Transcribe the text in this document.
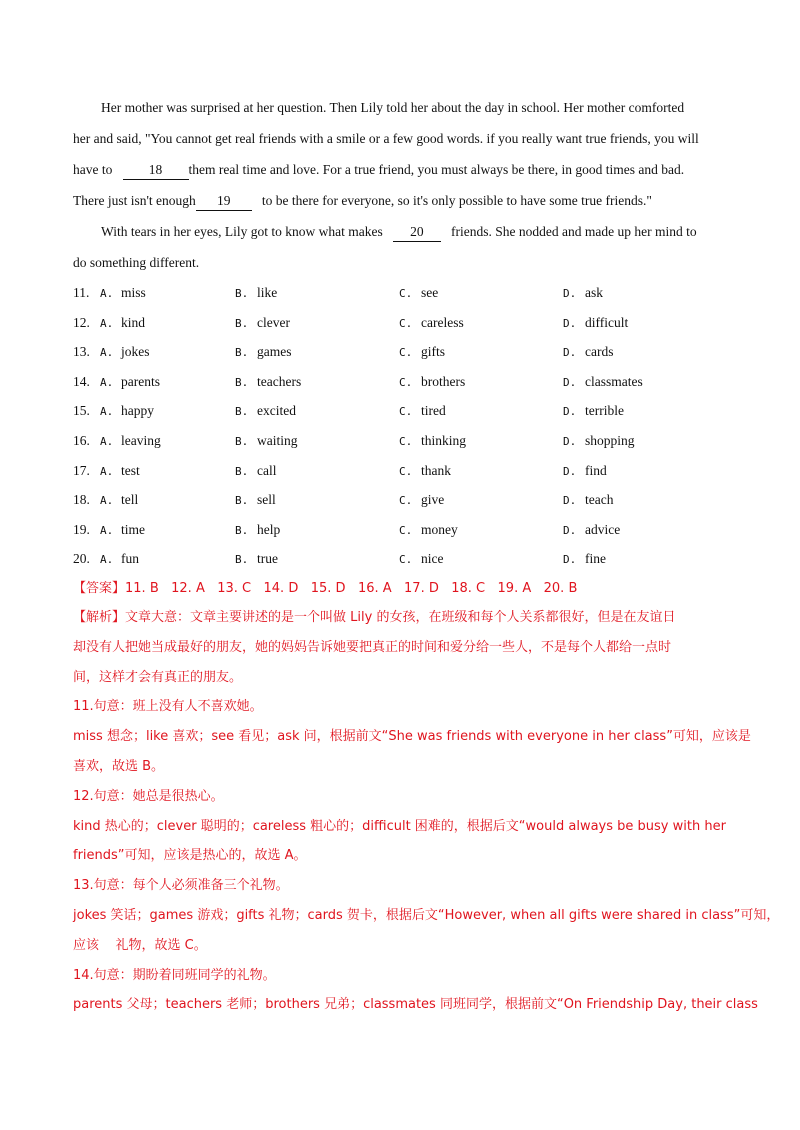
Her mother was surprised at her question. Then Lily told her about the day in school. Her mother comforted
her and said, "You cannot get real friends with a smile or a few good words. if you really want true friends, you will
have to	18 them real time and love. For a true friend, you must always be there, in good times and bad.
There just isn't enough 19 to be there for everyone, so it's only possible to have some true friends."
With tears in her eyes, Lily got to know what makes 20 friends. She nodded and made up her mind to
do something different.
11. A. miss	B. like	C. see	D. ask
12. A. kind	B. clever	C. careless	D. difficult
13. A. jokes	B. games	C. gifts	D. cards
14. A. parents	B. teachers	C. brothers	D. classmates
15. A. happy	B. excited	C. tired	D. terrible
16. A. leaving	B. waiting	C. thinking	D. shopping
17. A. test	B. call	C. thank	D. find
18. A. tell	B. sell	C. give	D. teach
19. A. time	B. help	C. money	D. advice
20. A. fun	B. true	C. nice	D. fine
【答案】11. B   12. A   13. C   14. D   15. D   16. A   17. D   18. C   19. A   20. B
【解析】文章大意：文章主要讲述的是一个叫做 Lily 的女孩，在班级和每个人关系都很好，但是在友谊日
却没有人把她当成最好的朋友，她的妈妈告诉她要把真正的时间和爱分给一些人，不是每个人都给一点时
间，这样才会有真正的朋友。
11.句意：班上没有人不喜欢她。
miss 想念；like 喜欢；see 看见；ask 问，根据前文“She was friends with everyone in her class”可知，应该是
喜欢，故选 B。
12.句意：她总是很热心。
kind 热心的；clever 聪明的；careless 粗心的；difficult 困难的，根据后文“would always be busy with her
friends”可知，应该是热心的，故选 A。
13.句意：每个人必须准备三个礼物。
jokes 笑话；games 游戏；gifts 礼物；cards 贺卡，根据后文“However, when all gifts were shared in class”可知，
应该    礼物，故选 C。
14.句意：期盼着同班同学的礼物。
parents 父母；teachers 老师；brothers 兄弟；classmates 同班同学，根据前文“On Friendship Day, their class
